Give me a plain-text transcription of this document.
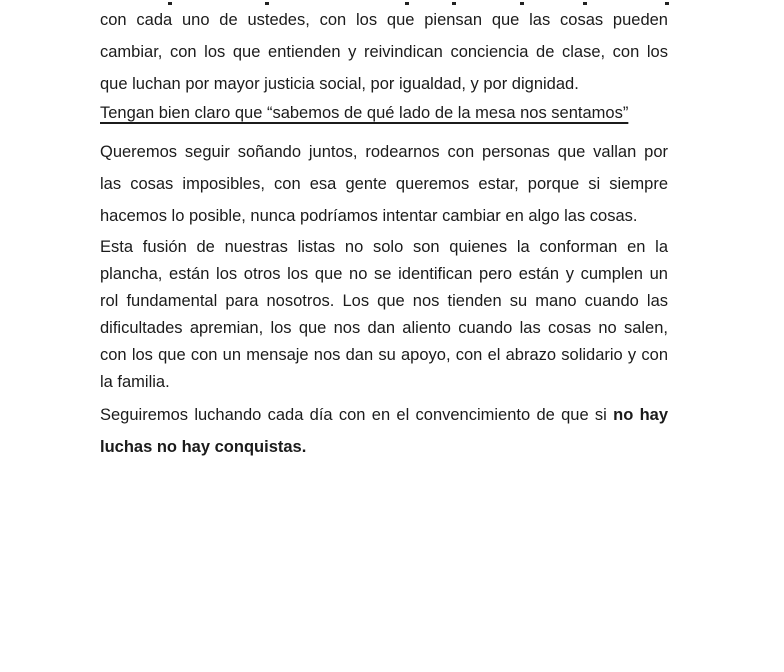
con cada uno de ustedes, con los que piensan que las cosas pueden
cambiar, con los que entienden y reivindican conciencia de clase, con los
que luchan por mayor justicia social, por igualdad, y por dignidad.
Tengan bien claro que “sabemos de qué lado de la mesa nos sentamos”
Queremos seguir soñando juntos, rodearnos con personas que vallan por
las cosas imposibles, con esa gente queremos estar, porque si siempre
hacemos lo posible, nunca podríamos intentar cambiar en algo las cosas.
Esta fusión de nuestras listas no solo son quienes la conforman en la
plancha, están los otros los que no se identifican pero están y cumplen un
rol fundamental para nosotros. Los que nos tienden su mano cuando las
dificultades apremian, los que nos dan aliento cuando las cosas no salen,
con los que con un mensaje nos dan su apoyo, con el abrazo solidario y con
la familia.
Seguiremos luchando cada día con en el convencimiento de que si no hay
luchas no hay conquistas.
